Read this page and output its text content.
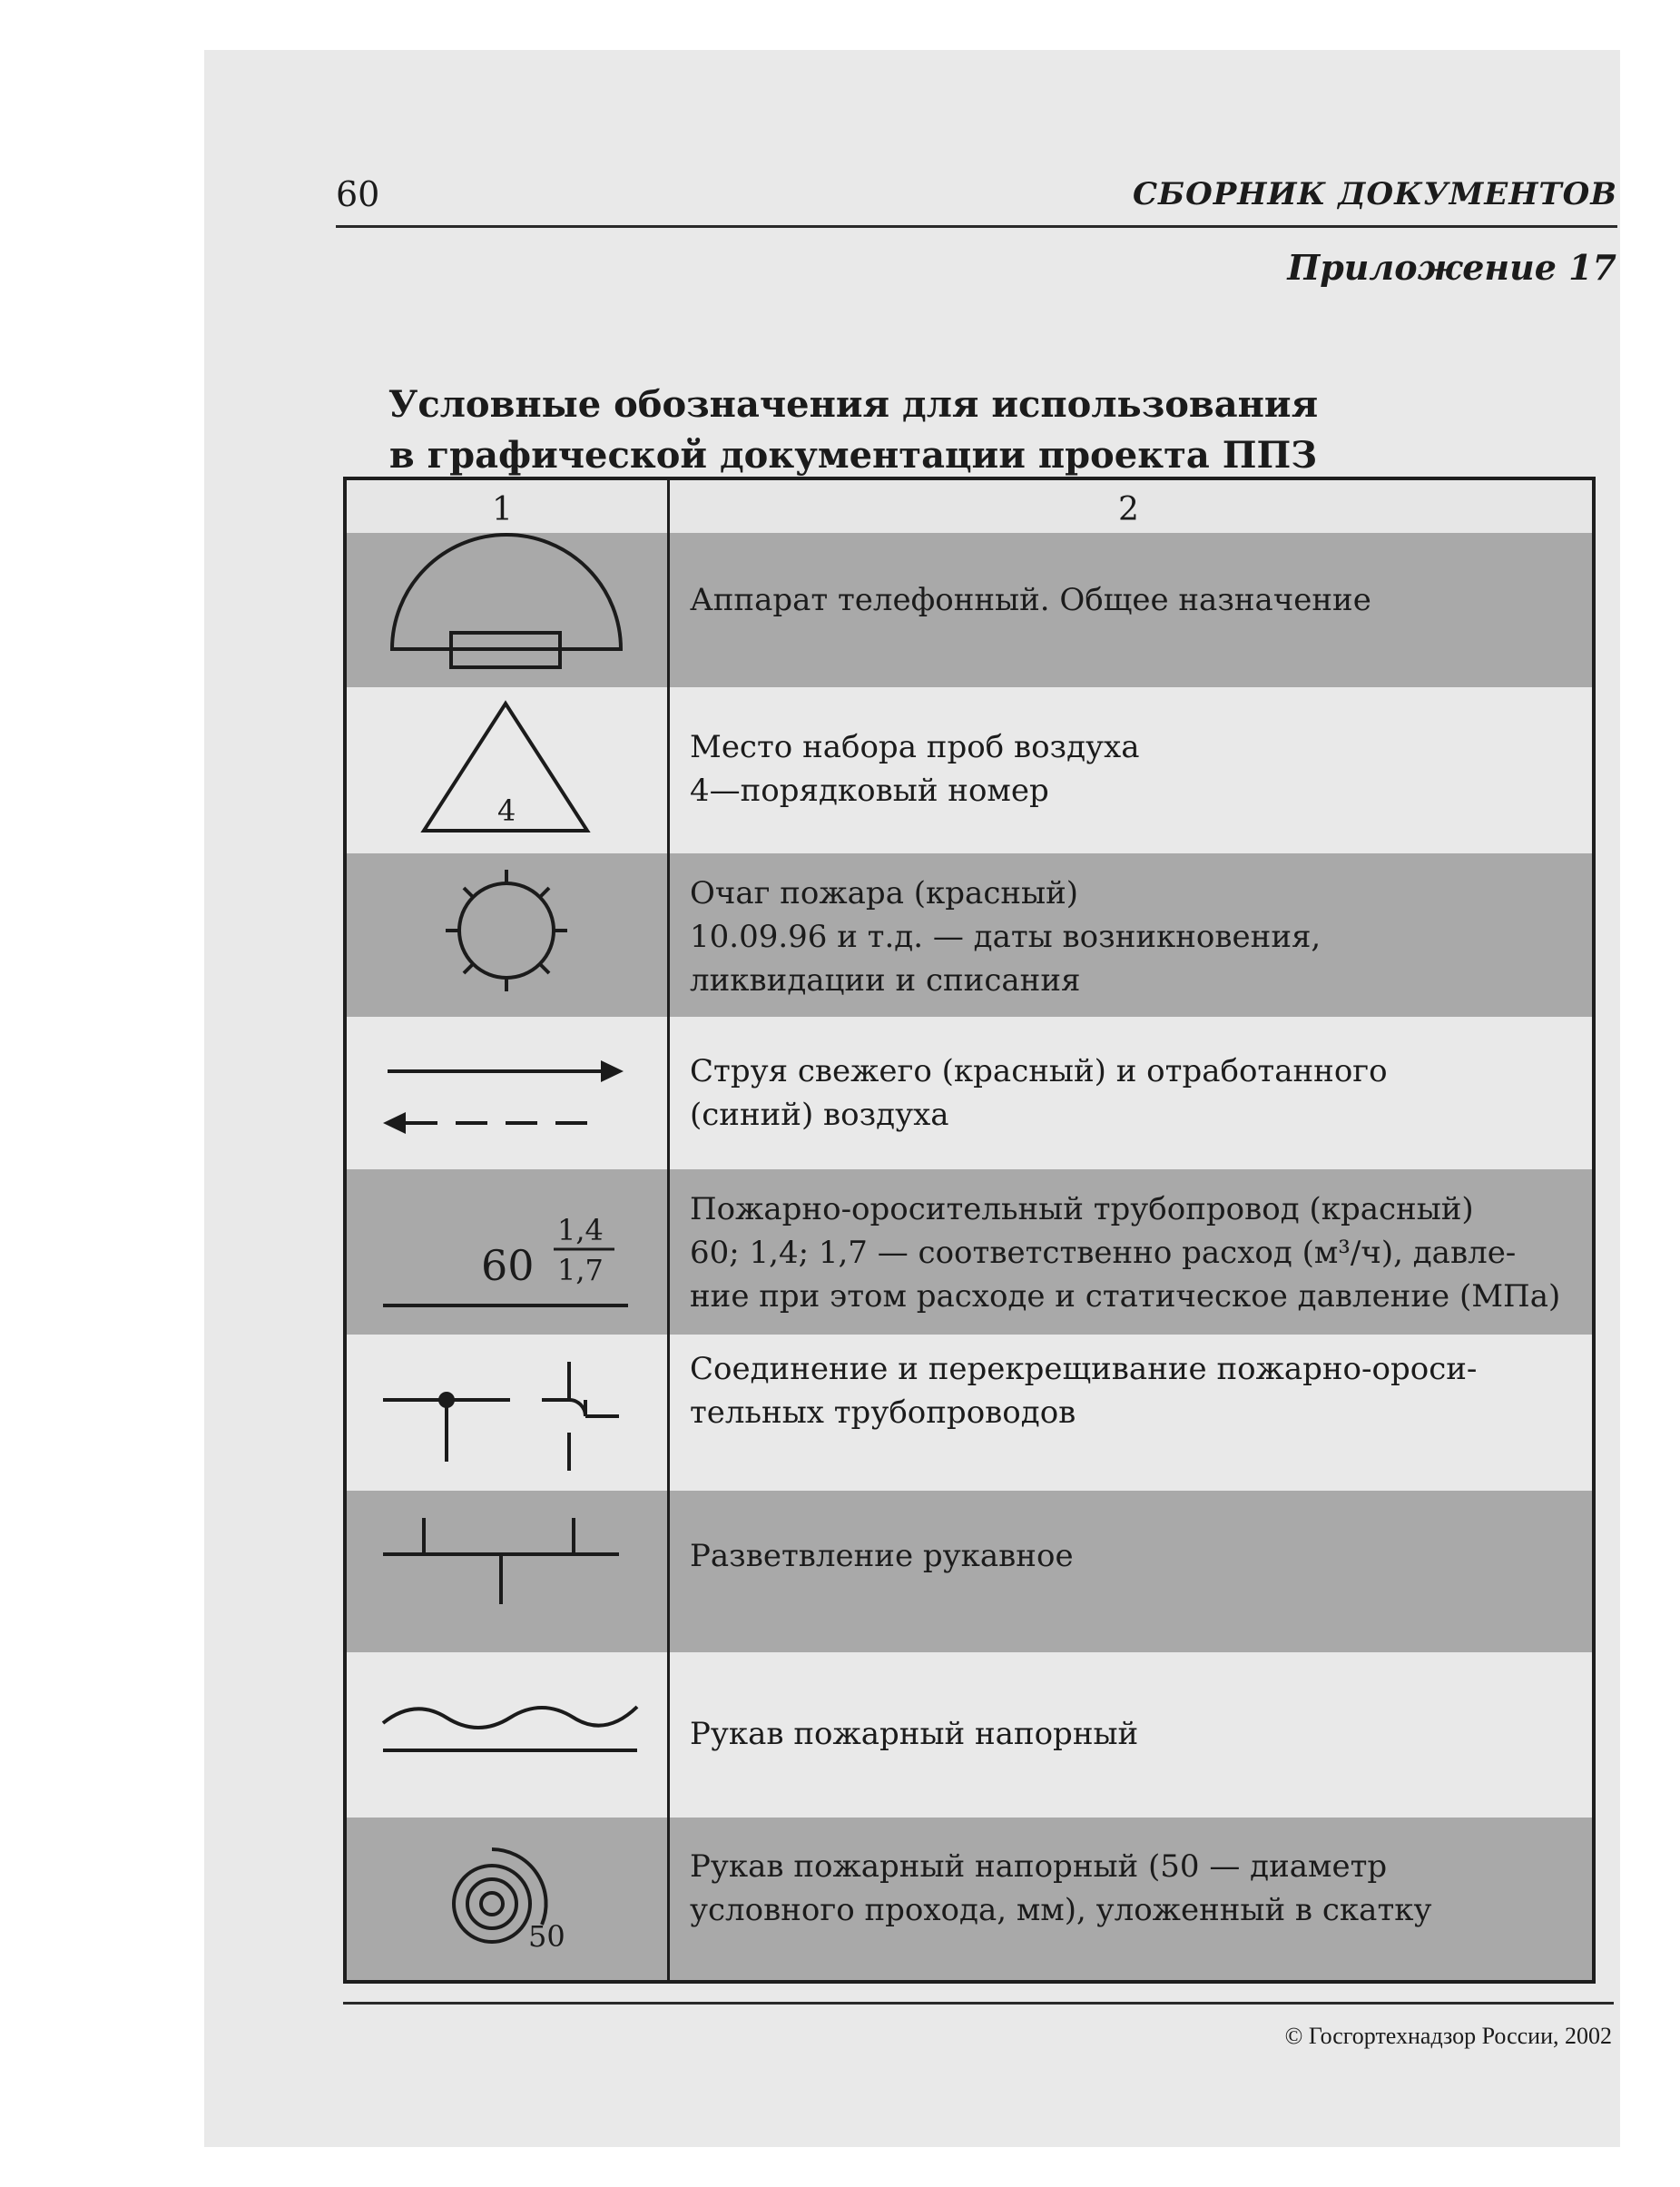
60	СБОРНИК ДОКУМЕНТОВ
Приложение 17
Условные обозначения для использования
в графической документации проекта ППЗ
1	2
Аппарат телефонный. Общее назначение
4
Место набора проб воздуха
4—порядковый номер
Очаг пожара (красный)
10.09.96 и т.д. — даты возникновения,
ликвидации и списания
Струя свежего (красный) и отработанного
(синий) воздуха
60
1,4
1,7
Пожарно-оросительный трубопровод (красный)
60; 1,4; 1,7 — соответственно расход (м³/ч), давле-
ние при этом расходе и статическое давление (МПа)
Соединение и перекрещивание пожарно-ороси-
тельных трубопроводов
Разветвление рукавное
Рукав пожарный напорный
50
Рукав пожарный напорный (50 — диаметр
условного прохода, мм), уложенный в скатку
© Госгортехнадзор России, 2002
